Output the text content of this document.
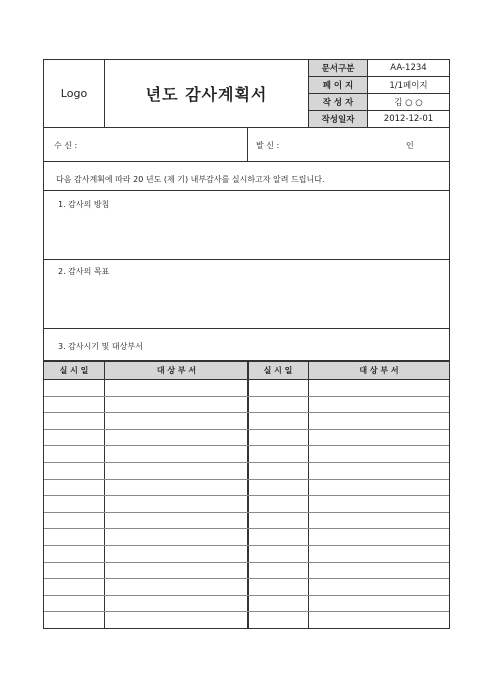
Logo	년도 감사계획서
문서구분	AA-1234
페 이 지	1/1페이지
작 성 자	김 ○ ○
작성일자	2012-12-01
수 신 :	발 신 :	인
다음 감사계획에 따라 20 년도 (제 기) 내부감사를 실시하고자 알려 드립니다.
1. 감사의 방침
2. 감사의 목표
3. 감사시기 및 대상부서
실 시 일	대 상 부 서	실 시 일	대 상 부 서
